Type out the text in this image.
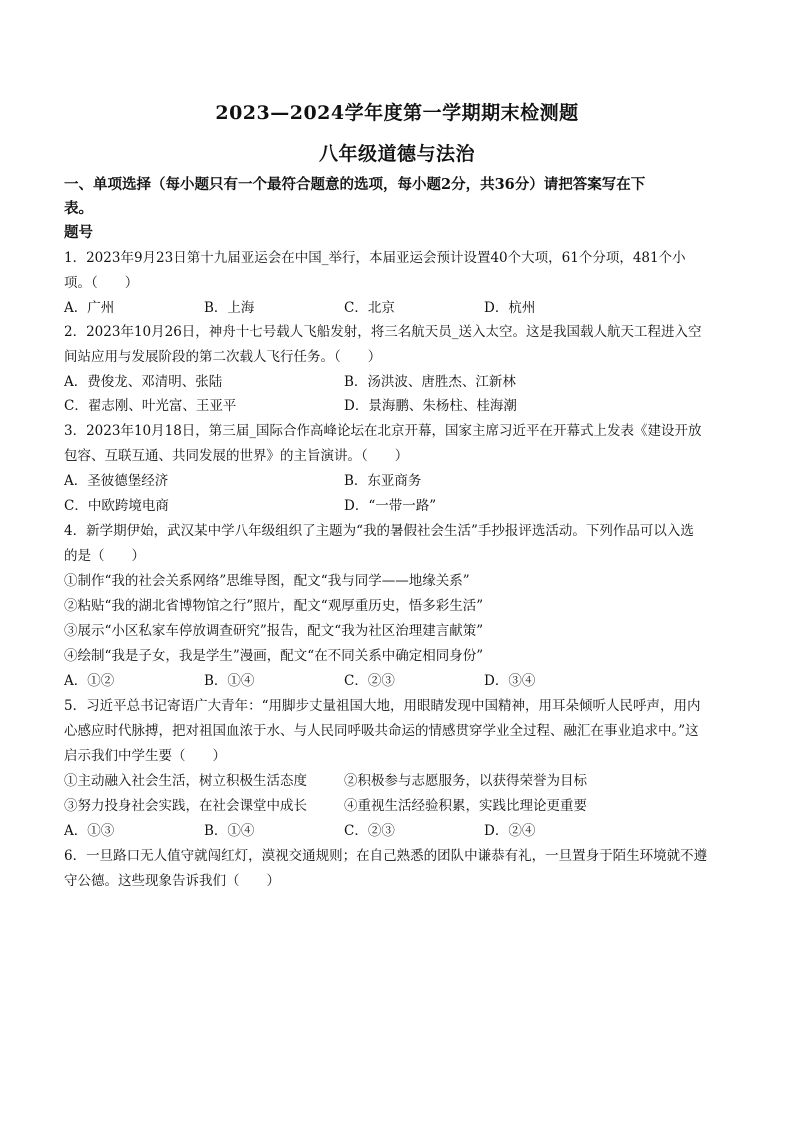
2023—2024学年度第一学期期末检测题
八年级道德与法治
一、单项选择（每小题只有一个最符合题意的选项，每小题2分，共36分）请把答案写在下
表。
题号
1．2023年9月23日第十九届亚运会在中国_举行，本届亚运会预计设置40个大项，61个分项，481个小
项。（　　）
A．广州	B．上海	C．北京	D．杭州
2．2023年10月26日，神舟十七号载人飞船发射，将三名航天员_送入太空。这是我国载人航天工程进入空
间站应用与发展阶段的第二次载人飞行任务。（　　）
A．费俊龙、邓清明、张陆	B．汤洪波、唐胜杰、江新林
C．翟志刚、叶光富、王亚平	D．景海鹏、朱杨柱、桂海潮
3．2023年10月18日，第三届_国际合作高峰论坛在北京开幕，国家主席习近平在开幕式上发表《建设开放
包容、互联互通、共同发展的世界》的主旨演讲。（　　）
A．圣彼德堡经济	B．东亚商务
C．中欧跨境电商	D．“一带一路”
4．新学期伊始，武汉某中学八年级组织了主题为“我的暑假社会生活”手抄报评选活动。下列作品可以入选
的是（　　）
①制作“我的社会关系网络”思维导图，配文“我与同学——地缘关系”
②粘贴“我的湖北省博物馆之行”照片，配文“观厚重历史，悟多彩生活”
③展示“小区私家车停放调查研究”报告，配文“我为社区治理建言献策”
④绘制“我是子女，我是学生”漫画，配文“在不同关系中确定相同身份”
A．①②	B．①④	C．②③	D．③④
5．习近平总书记寄语广大青年：“用脚步丈量祖国大地，用眼睛发现中国精神，用耳朵倾听人民呼声，用内
心感应时代脉搏，把对祖国血浓于水、与人民同呼吸共命运的情感贯穿学业全过程、融汇在事业追求中。”这
启示我们中学生要（　　）
①主动融入社会生活，树立积极生活态度	②积极参与志愿服务，以获得荣誉为目标
③努力投身社会实践，在社会课堂中成长	④重视生活经验积累，实践比理论更重要
A．①③	B．①④	C．②③	D．②④
6．一旦路口无人值守就闯红灯，漠视交通规则；在自己熟悉的团队中谦恭有礼，一旦置身于陌生环境就不遵
守公德。这些现象告诉我们（　　）
